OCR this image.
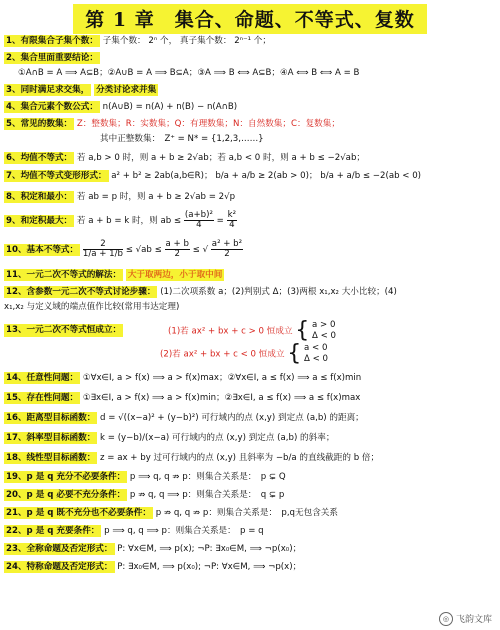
第 1 章　集合、命题、不等式、复数
1、有限集合子集个数： 子集个数： 2ⁿ 个， 真子集个数： 2ⁿ⁻¹ 个；
2、集合里面重要结论：
①A∩B = A ⟹ A⊆B；②A∪B = A ⟹ B⊆A；③A ⟹ B ⟺ A⊆B；④A ⟺ B ⟺ A = B
3、同时满足求交集， 分类讨论求并集
4、集合元素个数公式： n(A∪B) = n(A) + n(B) − n(A∩B)
5、常见的数集： Z：整数集；R：实数集；Q：有理数集；N：自然数集；C：复数集；
其中正整数集：　Z⁺ = N* = {1,2,3,……}
6、均值不等式： 若 a,b > 0 时，则 a + b ≥ 2√ab；若 a,b < 0 时，则 a + b ≤ −2√ab；
7、均值不等式变形形式： a² + b² ≥ 2ab(a,b∈R)； b/a + a/b ≥ 2(ab > 0)； b/a + a/b ≤ −2(ab < 0)
8、积定和最小： 若 ab = p 时，则 a + b ≥ 2√ab = 2√p
9、和定积最大： 若 a + b = k 时，则 ab ≤ $\frac{\text{(a+b)²}}{4} = \frac{\text{k²}}{4}$
10、基本不等式： $\frac{2}{1/a + 1/b} \le √ab \le \frac{a + b}{2}$ ≤ √ $\frac{\text{a² + b²}}{2}$
11、一元二次不等式的解法： 大于取两边，小于取中间
12、含参数一元二次不等式讨论步骤： (1)二次项系数 a；(2)判别式 Δ；(3)两根 x₁,x₂ 大小比较；(4)
x₁,x₂ 与定义域的端点值作比较(常用韦达定理)
13、一元二次不等式恒成立：	(1)若 ax² + bx + c > 0 恒成立 { a > 0
Δ < 0
(2)若 ax² + bx + c < 0 恒成立 { a < 0
Δ < 0
14、任意性问题： ①∀x∈I, a > f(x) ⟹ a > f(x)max；②∀x∈I, a ≤ f(x) ⟹ a ≤ f(x)min
15、存在性问题： ①∃x∈I, a > f(x) ⟹ a > f(x)min；②∃x∈I, a ≤ f(x) ⟹ a ≤ f(x)max
16、距离型目标函数： d = √((x−a)² + (y−b)²) 可行域内的点 (x,y) 到定点 (a,b) 的距离；
17、斜率型目标函数： k = (y−b)/(x−a) 可行域内的点 (x,y) 到定点 (a,b) 的斜率；
18、线性型目标函数： z = ax + by 过可行域内的点 (x,y) 且斜率为 −b/a 的直线截距的 b 倍；
19、p 是 q 充分不必要条件： p ⟹ q, q ⇏ p：则集合关系是：　p ⊊ Q
20、p 是 q 必要不充分条件： p ⇏ q, q ⟹ p：则集合关系是：　q ⊊ p
21、p 是 q 既不充分也不必要条件： p ⇏ q, q ⇏ p：则集合关系是：　p,q无包含关系
22、p 是 q 充要条件： p ⟹ q, q ⟹ p：则集合关系是：　p = q
23、全称命题及否定形式： P: ∀x∈M, ⟹ p(x); ¬P: ∃x₀∈M, ⟹ ¬p(x₀)；
24、特称命题及否定形式： P: ∃x₀∈M, ⟹ p(x₀); ¬P: ∀x∈M, ⟹ ¬p(x)；
◎ 飞韵文库
